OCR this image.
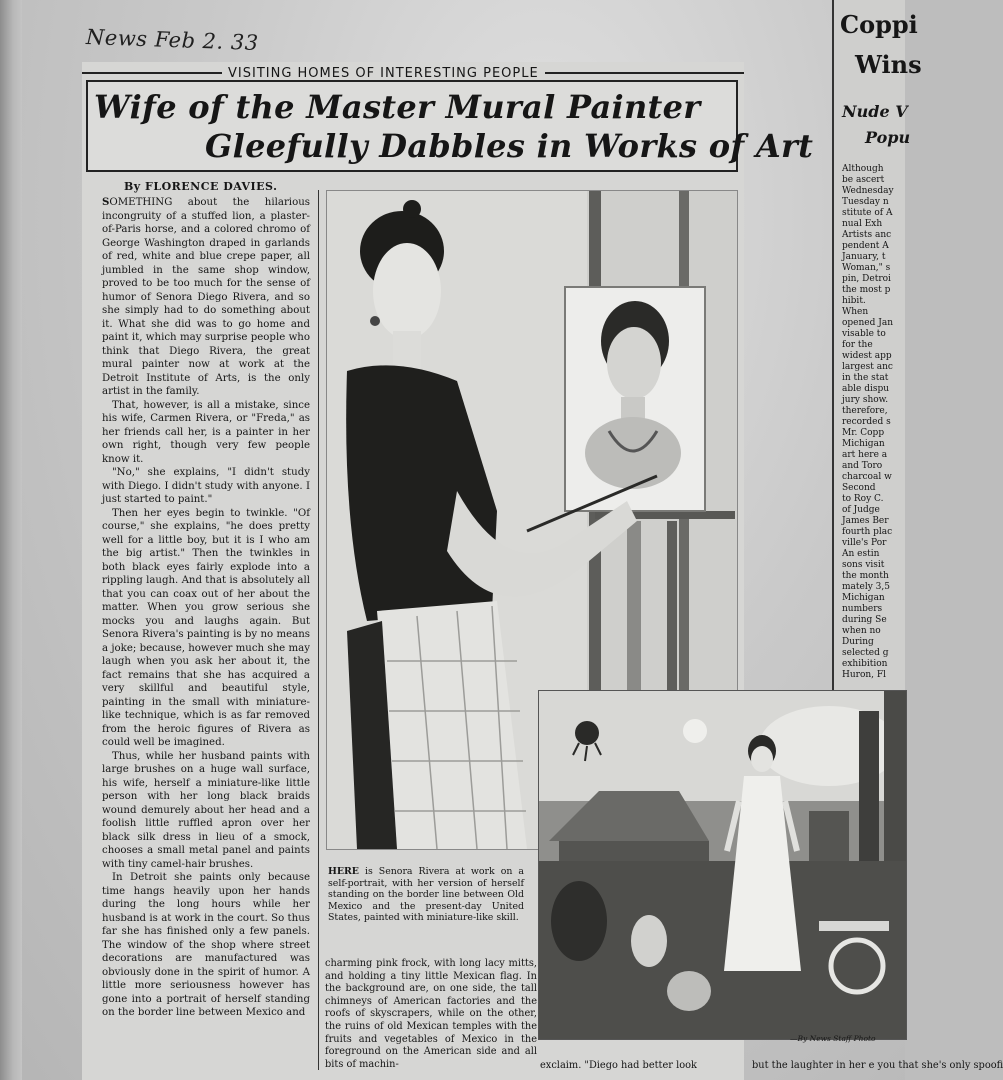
News Feb 2. 33
Coppi
Wins
Nude V
Popu
Although
be ascert
Wednesday
Tuesday n
stitute of A
nual Exh
Artists anc
pendent A
January, t
Woman," s
pin, Detroi
the most p
hibit.
When
opened Jan
visable to
for the
widest app
largest anc
in the stat
able dispu
jury show.
therefore,
recorded s
Mr. Copp
Michigan
art here a
and Toro
charcoal w
Second
to Roy C.
of Judge
James Ber
fourth plac
ville's Por
An estin
sons visit
the month
mately 3,5
Michigan
numbers
during Se
when no
During
selected g
exhibition
Huron, Fl
VISITING HOMES OF INTERESTING PEOPLE
Wife of the Master Mural Painter
Gleefully Dabbles in Works of Art
By FLORENCE DAVIES.

SOMETHING about the hilarious incongruity of a stuffed lion, a plaster-of-Paris horse, and a colored chromo of George Washington draped in garlands of red, white and blue crepe paper, all jumbled in the same shop window, proved to be too much for the sense of humor of Senora Diego Rivera, and so she simply had to do something about it. What she did was to go home and paint it, which may surprise people who think that Diego Rivera, the great mural painter now at work at the Detroit Institute of Arts, is the only artist in the family.

That, however, is all a mistake, since his wife, Carmen Rivera, or "Freda," as her friends call her, is a painter in her own right, though very few people know it.

"No," she explains, "I didn't study with Diego. I didn't study with anyone. I just started to paint."

Then her eyes begin to twinkle. "Of course," she explains, "he does pretty well for a little boy, but it is I who am the big artist." Then the twinkles in both black eyes fairly explode into a rippling laugh. And that is absolutely all that you can coax out of her about the matter. When you grow serious she mocks you and laughs again. But Senora Rivera's painting is by no means a joke; because, however much she may laugh when you ask her about it, the fact remains that she has acquired a very skillful and beautiful style, painting in the small with miniature-like technique, which is as far removed from the heroic figures of Rivera as could well be imagined.

Thus, while her husband paints with large brushes on a huge wall surface, his wife, herself a miniature-like little person with her long black braids wound demurely about her head and a foolish little ruffled apron over her black silk dress in lieu of a smock, chooses a small metal panel and paints with tiny camel-hair brushes.

In Detroit she paints only because time hangs heavily upon her hands during the long hours while her husband is at work in the court. So thus far she has finished only a few panels. The window of the shop where street decorations are manufactured was obviously done in the spirit of humor. A little more seriousness however has gone into a portrait of herself standing on the border line between Mexico and

HERE is Senora Rivera at work on a self-portrait, with her version of herself standing on the border line between Old Mexico and the present-day United States, painted with miniature-like skill.
charming pink frock, with long lacy mitts, and holding a tiny little Mexican flag. In the background are, on one side, the tall chimneys of American factories and the roofs of skyscrapers, while on the other, the ruins of old Mexican temples with the fruits and vegetables of Mexico in the foreground on the American side and all bits of machin-	exclaim. "Diego had better look	but the laughter in her e you that she's only spoofi
—By News Staff Photo
